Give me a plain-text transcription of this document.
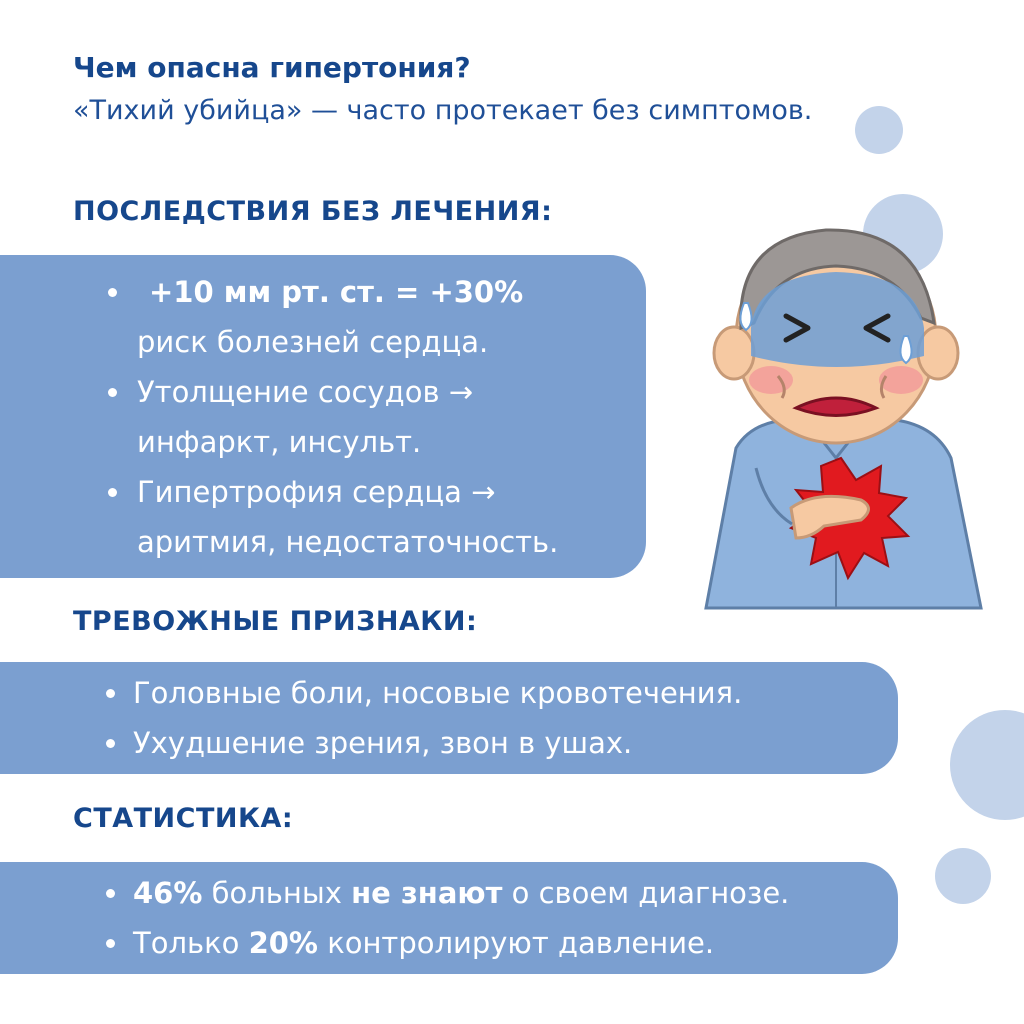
Чем опасна гипертония?

«Тихий убийца» — часто протекает без симптомов.

ПОСЛЕДСТВИЯ БЕЗ ЛЕЧЕНИЯ:
+10 мм рт. ст. = +30%
риск болезней сердца.
Утолщение сосудов →
инфаркт, инсульт.
Гипертрофия сердца →
аритмия, недостаточность.
ТРЕВОЖНЫЕ ПРИЗНАКИ:
Головные боли, носовые кровотечения.
Ухудшение зрения, звон в ушах.
СТАТИСТИКА:
46% больных не знают о своем диагнозе.
Только 20% контролируют давление.
